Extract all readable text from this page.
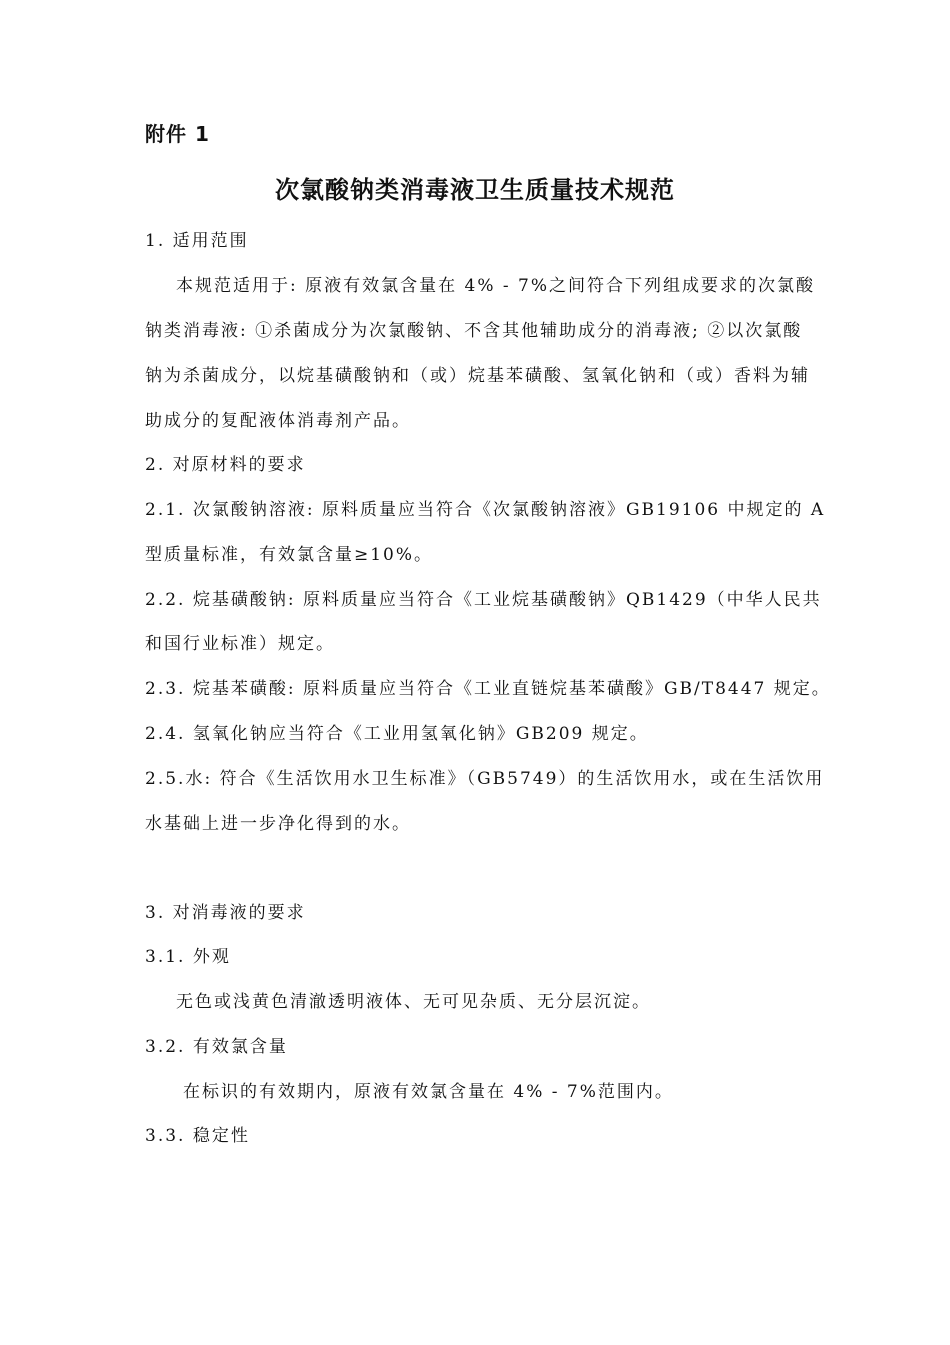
附件 1
次氯酸钠类消毒液卫生质量技术规范
1. 适用范围
本规范适用于: 原液有效氯含量在 4% - 7%之间符合下列组成要求的次氯酸
钠类消毒液: ①杀菌成分为次氯酸钠、不含其他辅助成分的消毒液; ②以次氯酸
钠为杀菌成分，以烷基磺酸钠和（或）烷基苯磺酸、氢氧化钠和（或）香料为辅
助成分的复配液体消毒剂产品。
2. 对原材料的要求
2.1. 次氯酸钠溶液: 原料质量应当符合《次氯酸钠溶液》GB19106 中规定的 A
型质量标准，有效氯含量≥10%。
2.2. 烷基磺酸钠: 原料质量应当符合《工业烷基磺酸钠》QB1429（中华人民共
和国行业标准）规定。
2.3. 烷基苯磺酸: 原料质量应当符合《工业直链烷基苯磺酸》GB/T8447 规定。
2.4. 氢氧化钠应当符合《工业用氢氧化钠》GB209 规定。
2.5.水: 符合《生活饮用水卫生标准》（GB5749）的生活饮用水，或在生活饮用
水基础上进一步净化得到的水。
3. 对消毒液的要求
3.1. 外观
无色或浅黄色清澈透明液体、无可见杂质、无分层沉淀。
3.2. 有效氯含量
在标识的有效期内，原液有效氯含量在 4% - 7%范围内。
3.3. 稳定性
